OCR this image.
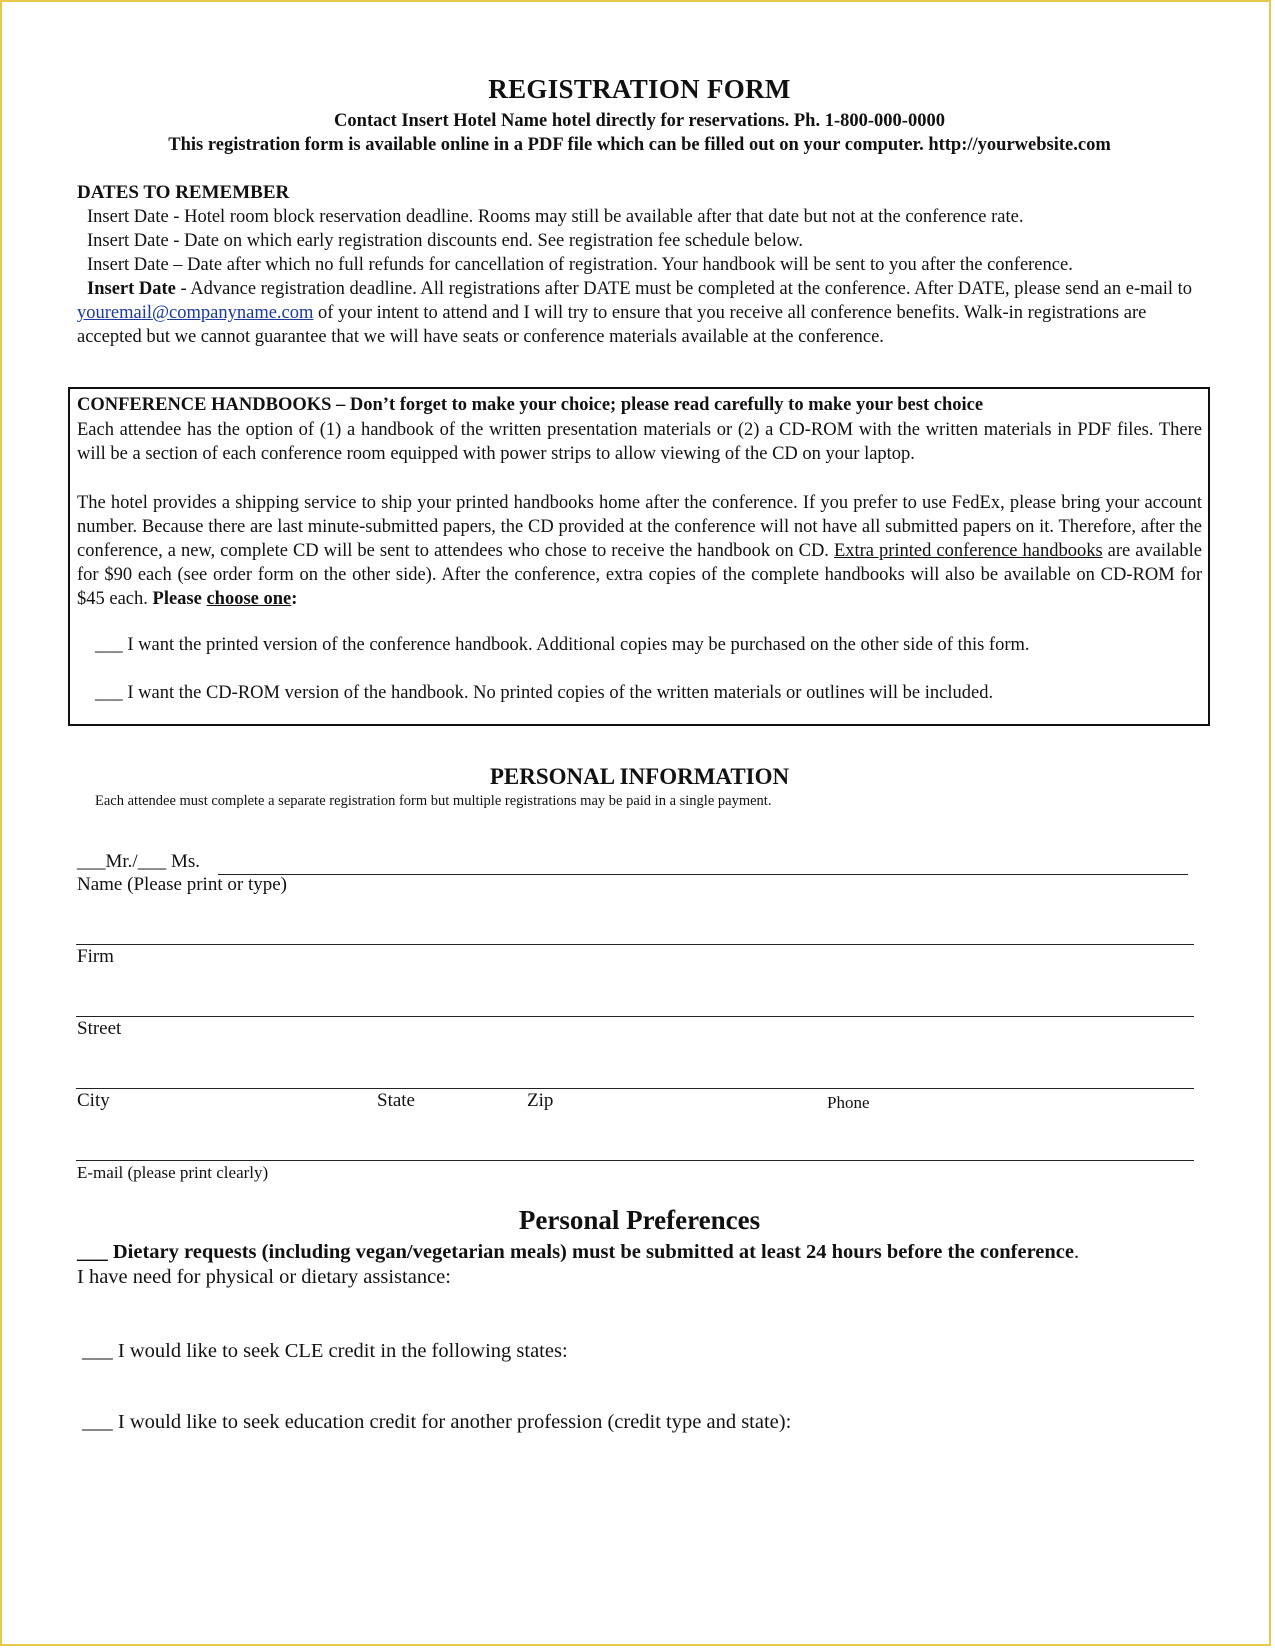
REGISTRATION FORM
Contact Insert Hotel Name hotel directly for reservations. Ph. 1-800-000-0000
This registration form is available online in a PDF file which can be filled out on your computer. http://yourwebsite.com
DATES TO REMEMBER
Insert Date - Hotel room block reservation deadline. Rooms may still be available after that date but not at the conference rate.
Insert Date - Date on which early registration discounts end. See registration fee schedule below.
Insert Date – Date after which no full refunds for cancellation of registration. Your handbook will be sent to you after the conference.
Insert Date - Advance registration deadline. All registrations after DATE must be completed at the conference. After DATE, please send an e-mail to youremail@companyname.com of your intent to attend and I will try to ensure that you receive all conference benefits. Walk-in registrations are accepted but we cannot guarantee that we will have seats or conference materials available at the conference.
CONFERENCE HANDBOOKS – Don’t forget to make your choice; please read carefully to make your best choice
Each attendee has the option of (1) a handbook of the written presentation materials or (2) a CD-ROM with the written materials in PDF files. There will be a section of each conference room equipped with power strips to allow viewing of the CD on your laptop.
The hotel provides a shipping service to ship your printed handbooks home after the conference. If you prefer to use FedEx, please bring your account number. Because there are last minute-submitted papers, the CD provided at the conference will not have all submitted papers on it. Therefore, after the conference, a new, complete CD will be sent to attendees who chose to receive the handbook on CD. Extra printed conference handbooks are available for $90 each (see order form on the other side). After the conference, extra copies of the complete handbooks will also be available on CD-ROM for $45 each. Please choose one:
___ I want the printed version of the conference handbook. Additional copies may be purchased on the other side of this form.
___ I want the CD-ROM version of the handbook. No printed copies of the written materials or outlines will be included.
PERSONAL INFORMATION
Each attendee must complete a separate registration form but multiple registrations may be paid in a single payment.
___Mr./___ Ms.
Name (Please print or type)
Firm
Street
City	State	Zip	Phone
E-mail (please print clearly)
Personal Preferences
___ Dietary requests (including vegan/vegetarian meals) must be submitted at least 24 hours before the conference.
I have need for physical or dietary assistance:
___ I would like to seek CLE credit in the following states:
___ I would like to seek education credit for another profession (credit type and state):
